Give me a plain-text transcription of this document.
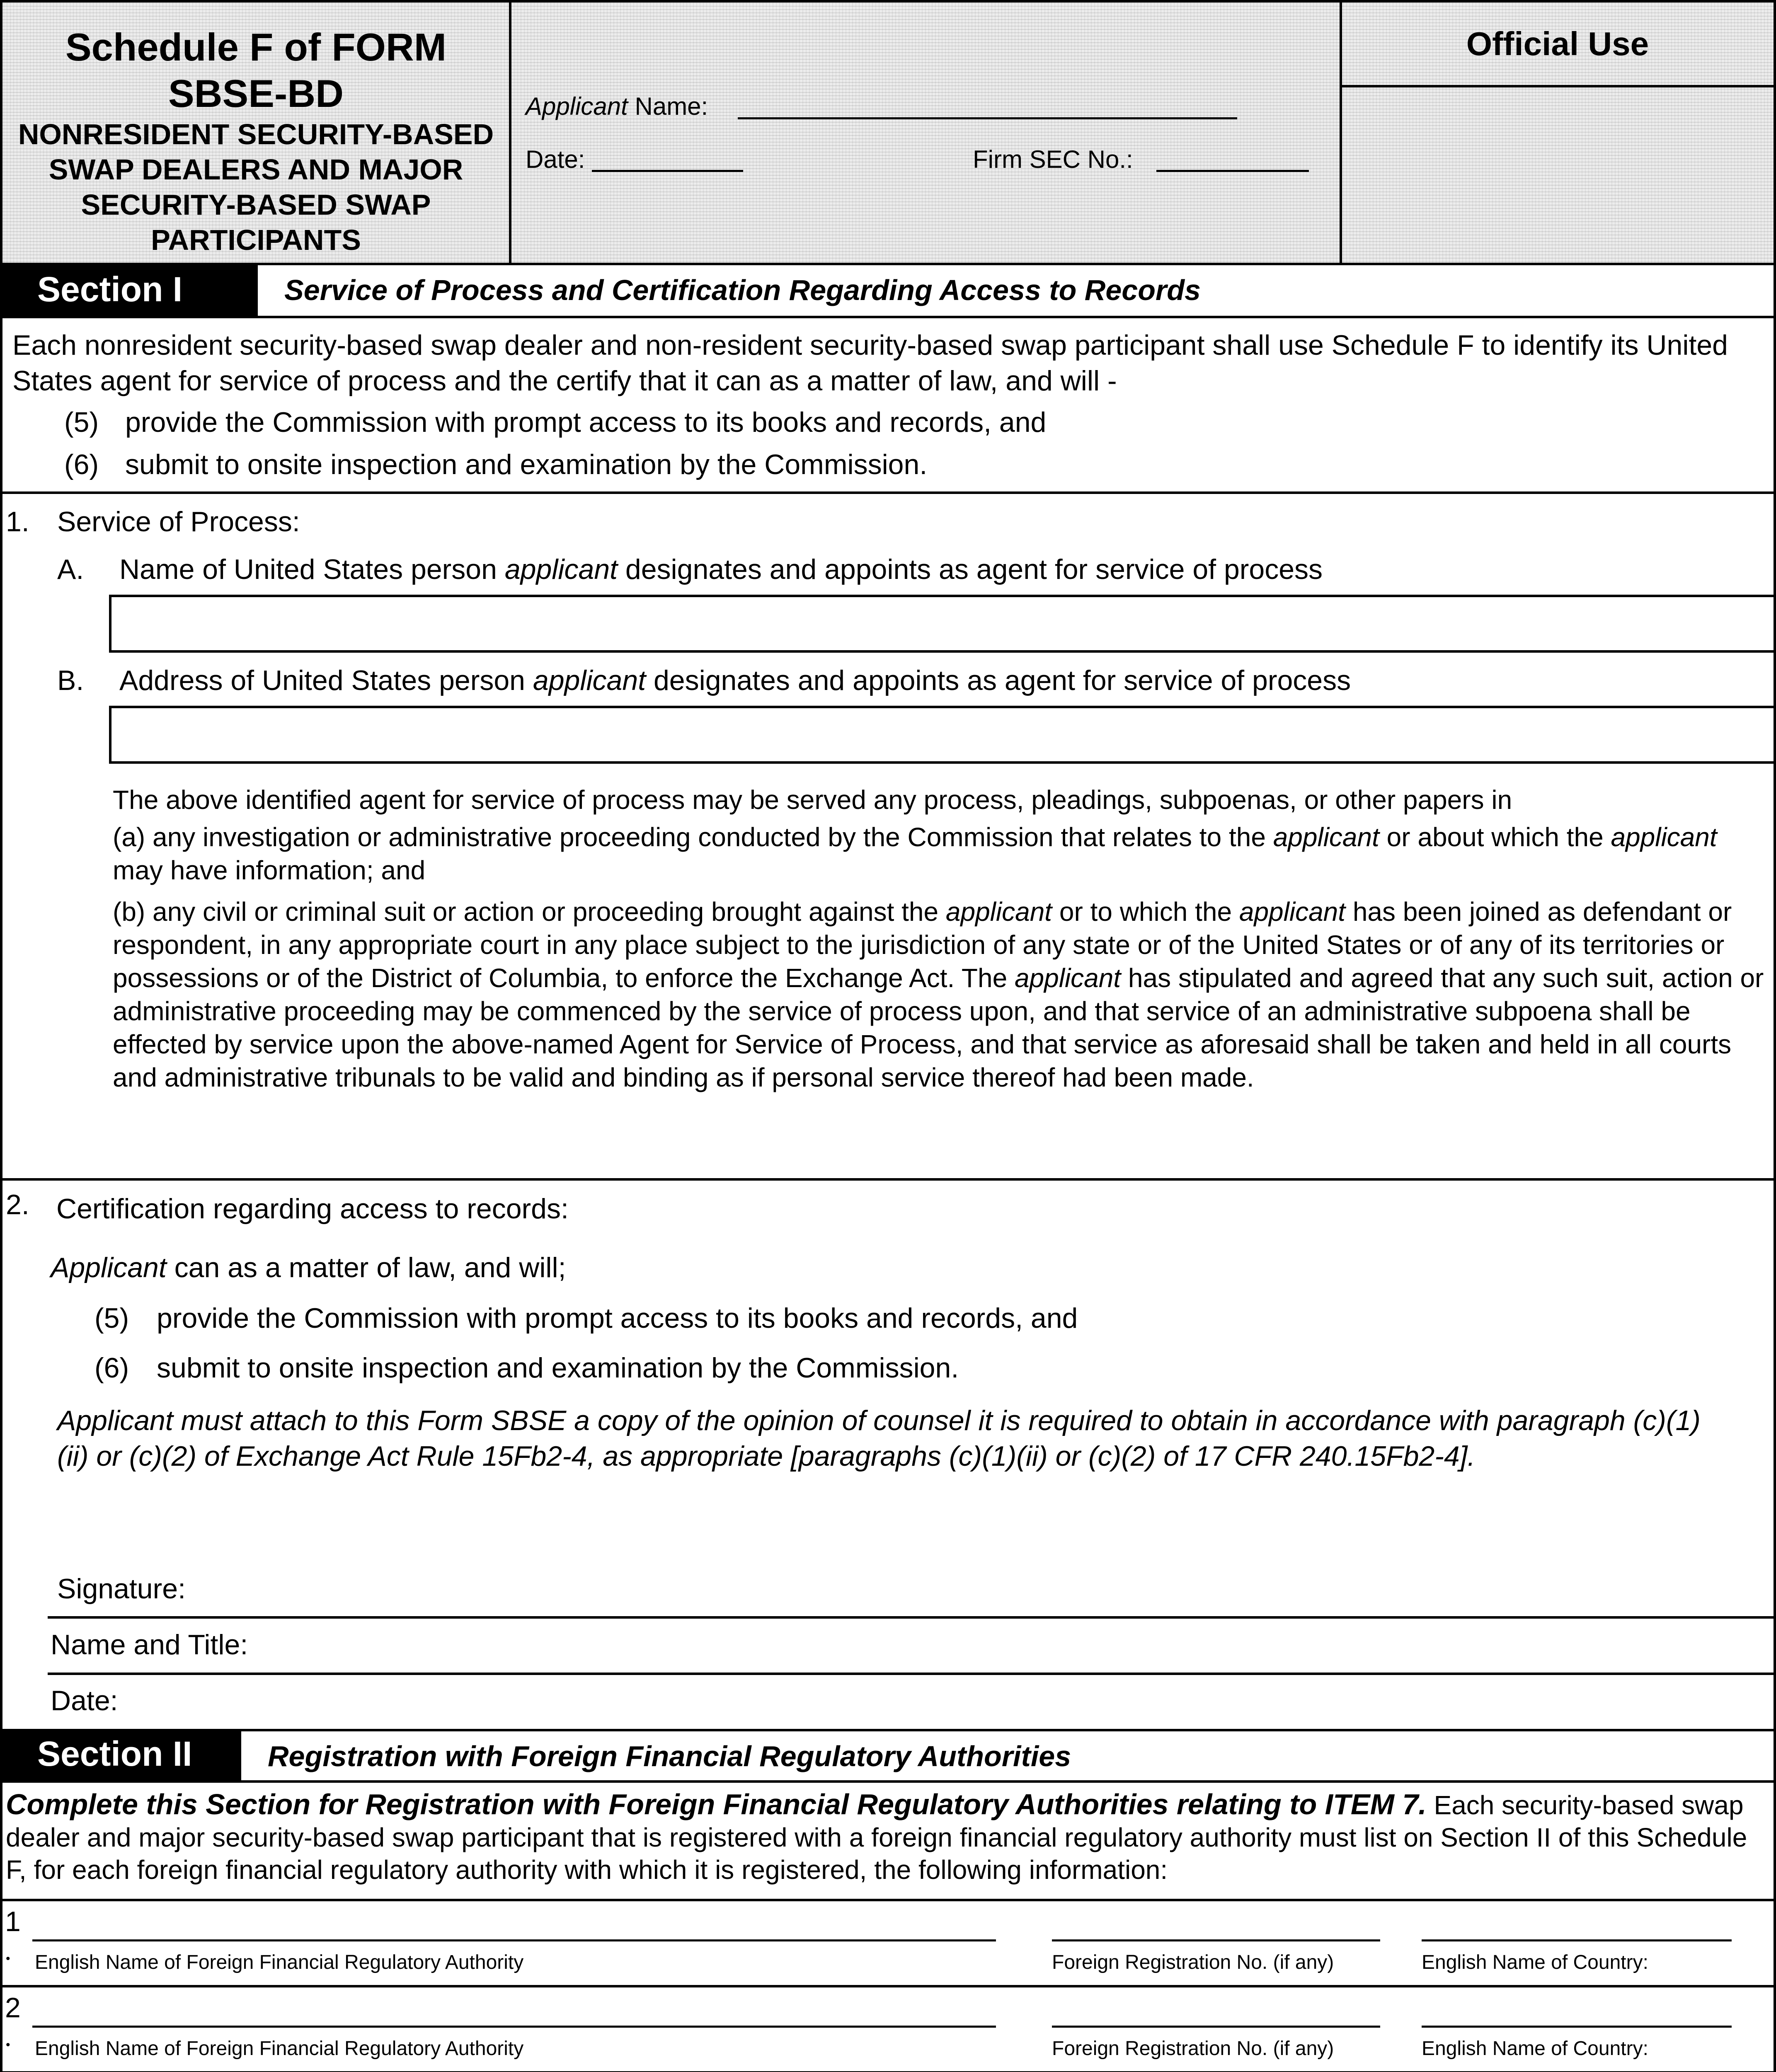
Schedule F of FORM
SBSE-BD
NONRESIDENT SECURITY-BASED SWAP DEALERS AND MAJOR SECURITY-BASED SWAP PARTICIPANTS
Applicant Name:
Date:	Firm SEC No.:
Official Use
Section I	Service of Process and Certification Regarding Access to Records
Each nonresident security-based swap dealer and non-resident security-based swap participant shall use Schedule F to identify its United States agent for service of process and the certify that it can as a matter of law, and will -
(5) provide the Commission with prompt access to its books and records, and
(6) submit to onsite inspection and examination by the Commission.
1. Service of Process:
A. Name of United States person applicant designates and appoints as agent for service of process
B. Address of United States person applicant designates and appoints as agent for service of process
The above identified agent for service of process may be served any process, pleadings, subpoenas, or other papers in
(a) any investigation or administrative proceeding conducted by the Commission that relates to the applicant or about which the applicant may have information; and
(b) any civil or criminal suit or action or proceeding brought against the applicant or to which the applicant has been joined as defendant or respondent, in any appropriate court in any place subject to the jurisdiction of any state or of the United States or of any of its territories or possessions or of the District of Columbia, to enforce the Exchange Act. The applicant has stipulated and agreed that any such suit, action or administrative proceeding may be commenced by the service of process upon, and that service of an administrative subpoena shall be effected by service upon the above-named Agent for Service of Process, and that service as aforesaid shall be taken and held in all courts and administrative tribunals to be valid and binding as if personal service thereof had been made.
2. Certification regarding access to records:
Applicant can as a matter of law, and will;
(5) provide the Commission with prompt access to its books and records, and
(6) submit to onsite inspection and examination by the Commission.
Applicant must attach to this Form SBSE a copy of the opinion of counsel it is required to obtain in accordance with paragraph (c)(1)(ii) or (c)(2) of Exchange Act Rule 15Fb2-4, as appropriate [paragraphs (c)(1)(ii) or (c)(2) of 17 CFR 240.15Fb2-4].
Signature:
Name and Title:
Date:
Section II	Registration with Foreign Financial Regulatory Authorities
Complete this Section for Registration with Foreign Financial Regulatory Authorities relating to ITEM 7. Each security-based swap dealer and major security-based swap participant that is registered with a foreign financial regulatory authority must list on Section II of this Schedule F, for each foreign financial regulatory authority with which it is registered, the following information:
1
• English Name of Foreign Financial Regulatory Authority	Foreign Registration No. (if any)	English Name of Country:
2
• English Name of Foreign Financial Regulatory Authority	Foreign Registration No. (if any)	English Name of Country:
